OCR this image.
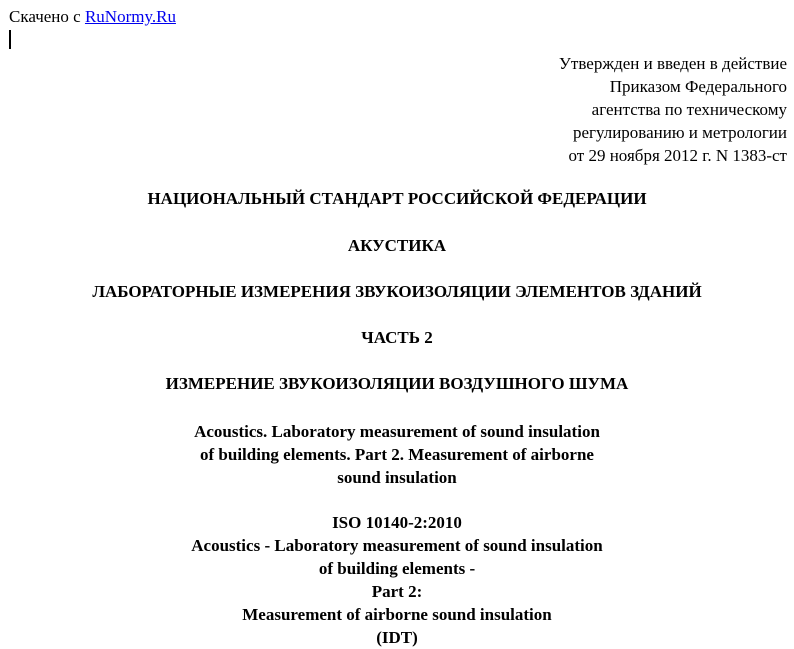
Скачено с RuNormy.Ru
Утвержден и введен в действие
Приказом Федерального
агентства по техническому
регулированию и метрологии
от 29 ноября 2012 г. N 1383-ст
НАЦИОНАЛЬНЫЙ СТАНДАРТ РОССИЙСКОЙ ФЕДЕРАЦИИ
АКУСТИКА
ЛАБОРАТОРНЫЕ ИЗМЕРЕНИЯ ЗВУКОИЗОЛЯЦИИ ЭЛЕМЕНТОВ ЗДАНИЙ
ЧАСТЬ 2
ИЗМЕРЕНИЕ ЗВУКОИЗОЛЯЦИИ ВОЗДУШНОГО ШУМА
Acoustics. Laboratory measurement of sound insulation
of building elements. Part 2. Measurement of airborne
sound insulation
ISO 10140-2:2010
Acoustics - Laboratory measurement of sound insulation
of building elements -
Part 2:
Measurement of airborne sound insulation
(IDT)
